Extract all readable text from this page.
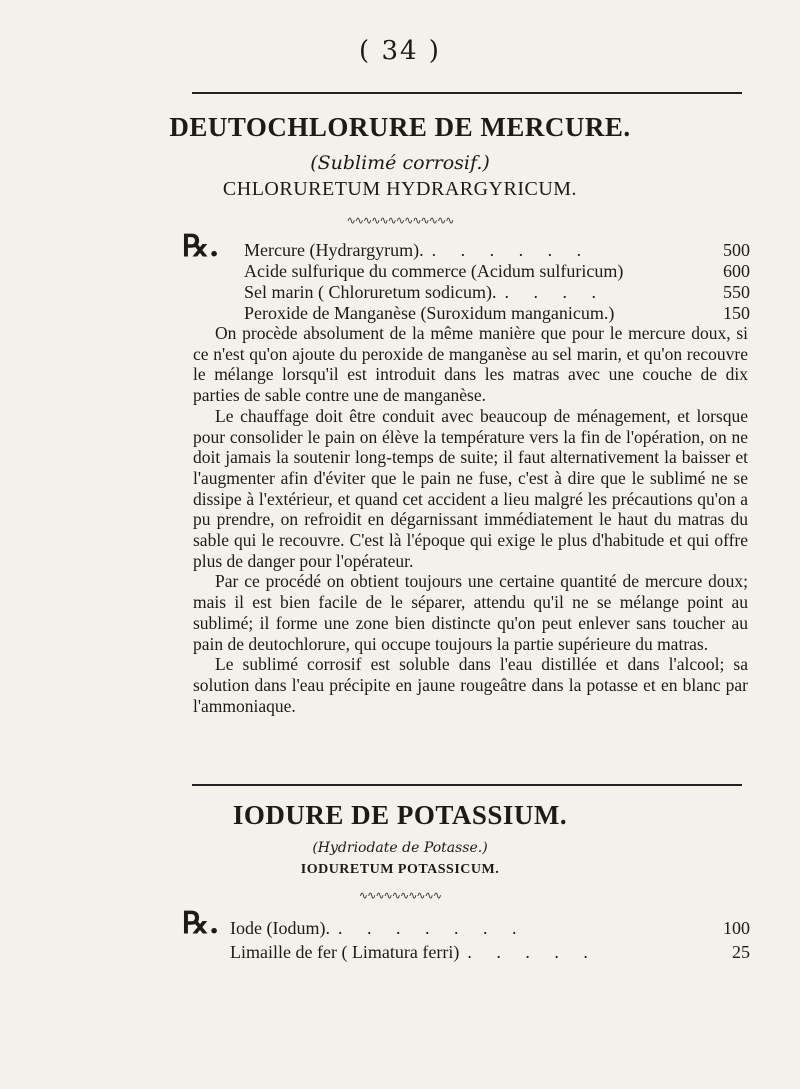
( 34 )
DEUTOCHLORURE DE MERCURE.
(Sublimé corrosif.)
CHLORURETUM HYDRARGYRICUM.
∿∿∿∿∿∿∿∿∿∿∿∿∿
℞.	Mercure (Hydrargyrum). . . . . . .	500
Acide sulfurique du commerce (Acidum sulfuricum)	600
Sel marin ( Chloruretum sodicum). . . . .	550
Peroxide de Manganèse (Suroxidum manganicum.)	150

On procède absolument de la même manière que pour le mercure doux, si ce n'est qu'on ajoute du peroxide de manganèse au sel marin, et qu'on recouvre le mélange lorsqu'il est introduit dans les matras avec une couche de dix parties de sable contre une de manganèse.

Le chauffage doit être conduit avec beaucoup de ménagement, et lorsque pour consolider le pain on élève la température vers la fin de l'opération, on ne doit jamais la soutenir long-temps de suite; il faut alternativement la baisser et l'augmenter afin d'éviter que le pain ne fuse, c'est à dire que le sublimé ne se dissipe à l'extérieur, et quand cet accident a lieu malgré les précautions qu'on a pu prendre, on refroidit en dégarnissant immédiatement le haut du matras du sable qui le recouvre. C'est là l'époque qui exige le plus d'habitude et qui offre plus de danger pour l'opérateur.

Par ce procédé on obtient toujours une certaine quantité de mercure doux; mais il est bien facile de le séparer, attendu qu'il ne se mélange point au sublimé; il forme une zone bien distincte qu'on peut enlever sans toucher au pain de deutochlorure, qui occupe toujours la partie supérieure du matras.

Le sublimé corrosif est soluble dans l'eau distillée et dans l'alcool; sa solution dans l'eau précipite en jaune rougeâtre dans la potasse et en blanc par l'ammoniaque.

IODURE DE POTASSIUM.
(Hydriodate de Potasse.)
IODURETUM POTASSICUM.
∿∿∿∿∿∿∿∿∿∿
℞. Iode (Iodum). . . . . . . .	100
Limaille de fer ( Limatura ferri) . . . . .	25
